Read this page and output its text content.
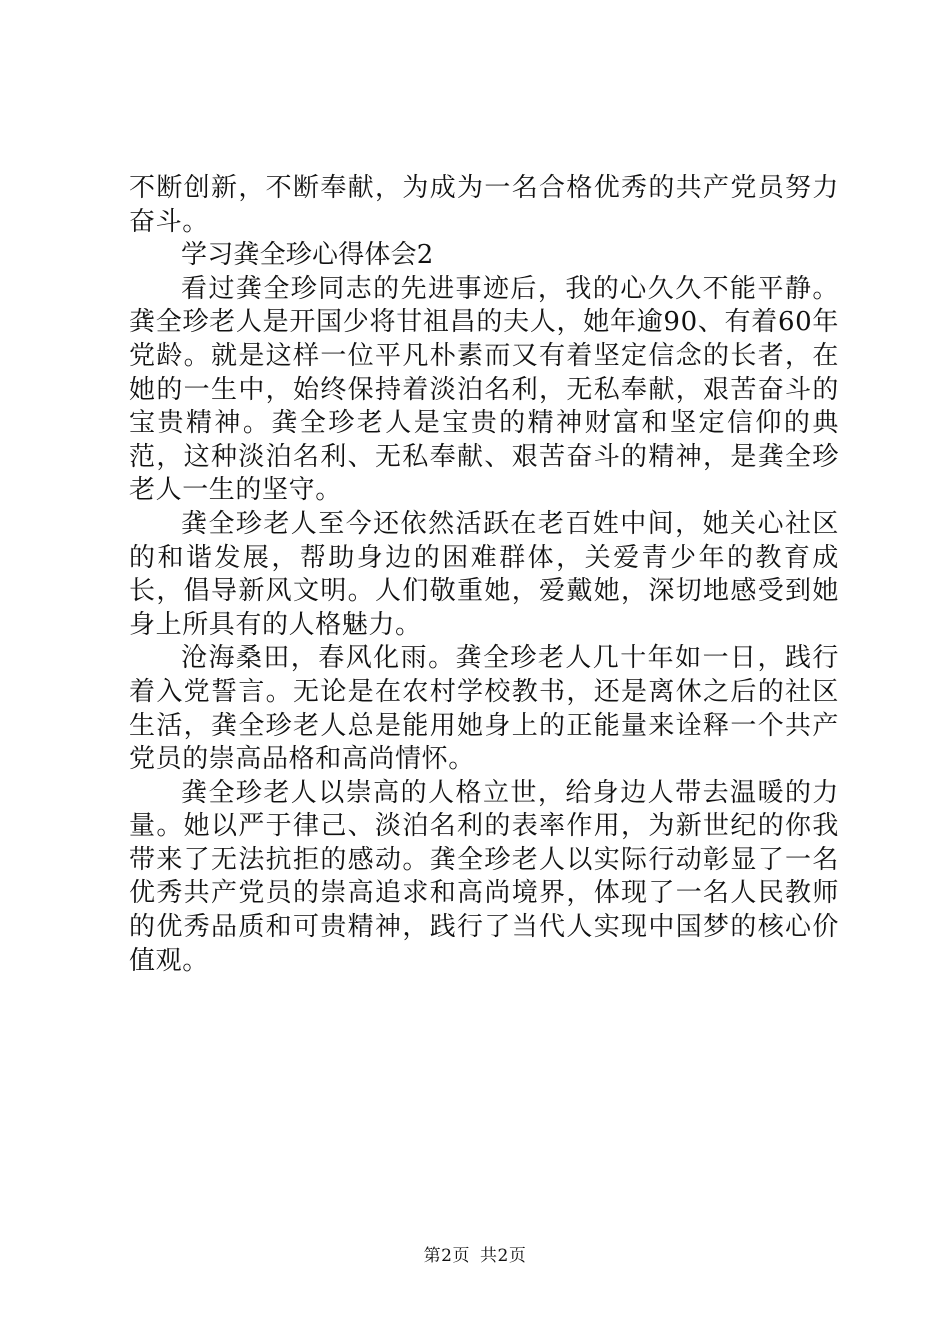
不断创新，不断奉献，为成为一名合格优秀的共产党员努力奋斗。

学习龚全珍心得体会2

看过龚全珍同志的先进事迹后，我的心久久不能平静。龚全珍老人是开国少将甘祖昌的夫人，她年逾90、有着60年党龄。就是这样一位平凡朴素而又有着坚定信念的长者，在她的一生中，始终保持着淡泊名利，无私奉献，艰苦奋斗的宝贵精神。龚全珍老人是宝贵的精神财富和坚定信仰的典范，这种淡泊名利、无私奉献、艰苦奋斗的精神，是龚全珍老人一生的坚守。

龚全珍老人至今还依然活跃在老百姓中间，她关心社区的和谐发展，帮助身边的困难群体，关爱青少年的教育成长，倡导新风文明。人们敬重她，爱戴她，深切地感受到她身上所具有的人格魅力。

沧海桑田，春风化雨。龚全珍老人几十年如一日，践行着入党誓言。无论是在农村学校教书，还是离休之后的社区生活，龚全珍老人总是能用她身上的正能量来诠释一个共产党员的崇高品格和高尚情怀。

龚全珍老人以崇高的人格立世，给身边人带去温暖的力量。她以严于律己、淡泊名利的表率作用，为新世纪的你我带来了无法抗拒的感动。龚全珍老人以实际行动彰显了一名优秀共产党员的崇高追求和高尚境界，体现了一名人民教师的优秀品质和可贵精神，践行了当代人实现中国梦的核心价值观。

第2页 共2页
